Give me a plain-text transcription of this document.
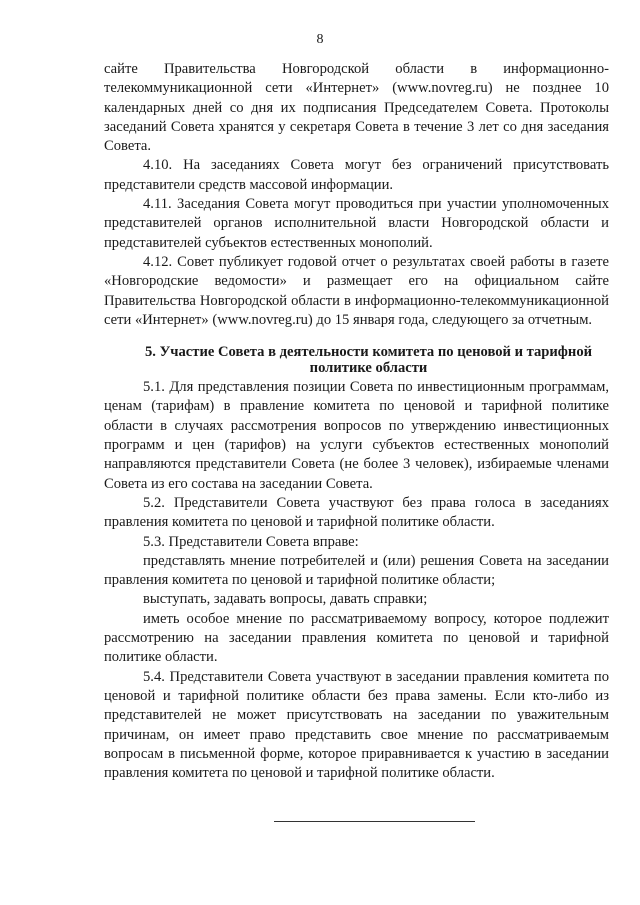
8

сайте Правительства Новгородской области в информационно-телекоммуникационной сети «Интернет» (www.novreg.ru) не позднее 10 календарных дней со дня их подписания Председателем Совета. Протоколы заседаний Совета хранятся у секретаря Совета в течение 3 лет со дня заседания Совета.

4.10. На заседаниях Совета могут без ограничений присутствовать представители средств массовой информации.

4.11. Заседания Совета могут проводиться при участии уполномоченных представителей органов исполнительной власти Новгородской области и представителей субъектов естественных монополий.

4.12. Совет публикует годовой отчет о результатах своей работы в газете «Новгородские ведомости» и размещает его на официальном сайте Правительства Новгородской области в информационно-телекоммуникационной сети «Интернет» (www.novreg.ru) до 15 января года, следующего за отчетным.

5. Участие Совета в деятельности комитета по ценовой и тарифной политике области

5.1. Для представления позиции Совета по инвестиционным программам, ценам (тарифам) в правление комитета по ценовой и тарифной политике области в случаях рассмотрения вопросов по утверждению инвестиционных программ и цен (тарифов) на услуги субъектов естественных монополий направляются представители Совета (не более 3 человек), избираемые членами Совета из его состава на заседании Совета.

5.2. Представители Совета участвуют без права голоса в заседаниях правления комитета по ценовой и тарифной политике области.

5.3. Представители Совета вправе:

представлять мнение потребителей и (или) решения Совета на заседании правления комитета по ценовой и тарифной политике области;

выступать, задавать вопросы, давать справки;

иметь особое мнение по рассматриваемому вопросу, которое подлежит рассмотрению на заседании правления комитета по ценовой и тарифной политике области.

5.4. Представители Совета участвуют в заседании правления комитета по ценовой и тарифной политике области без права замены. Если кто-либо из представителей не может присутствовать на заседании по уважительным причинам, он имеет право представить свое мнение по рассматриваемым вопросам в письменной форме, которое приравнивается к участию в заседании правления комитета по ценовой и тарифной политике области.
